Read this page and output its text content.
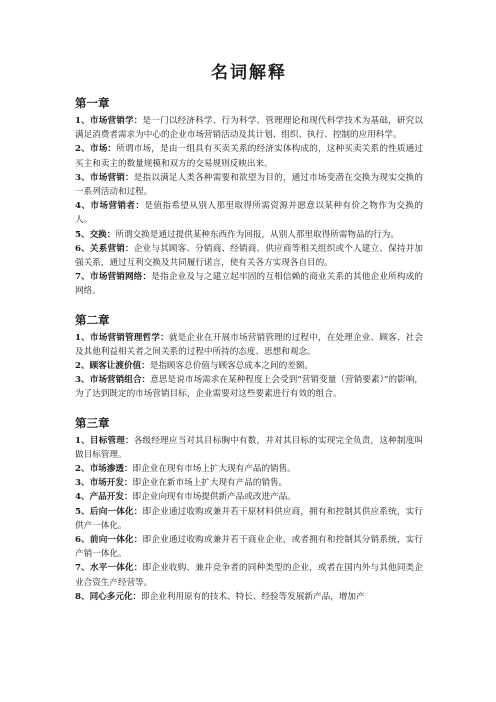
名词解释
第一章

1、市场营销学：是一门以经济科学、行为科学、管理理论和现代科学技术为基础，研究以满足消费者需求为中心的企业市场营销活动及其计划、组织、执行、控制的应用科学。

2、市场：所谓市场，是由一组具有买卖关系的经济实体构成的，这种买卖关系的性质通过买主和卖主的数量规模和双方的交易规则反映出来。

3、市场营销：是指以满足人类各种需要和欲望为目的，通过市场变潜在交换为现实交换的一系列活动和过程。

4、市场营销者：是值指希望从别人那里取得所需资源并愿意以某种有价之物作为交换的人。

5、交换：所谓交换是通过提供某种东西作为回报，从别人那里取得所需物品的行为。

6、关系营销：企业与其顾客、分销商、经销商、供应商等相关组织或个人建立、保持并加强关系，通过互利交换及共同履行诺言，使有关各方实现各自目的。

7、市场营销网络：是指企业及与之建立起牢固的互相信赖的商业关系的其他企业所构成的网络。

第二章

1、市场营销管理哲学：就是企业在开展市场营销管理的过程中，在处理企业、顾客、社会及其他利益相关者之间关系的过程中所持的态度、思想和观念。

2、顾客让渡价值：是指顾客总价值与顾客总成本之间的差额。

3、市场营销组合：意思是说市场需求在某种程度上会受到“营销变量（营销要素）”的影响，为了达到既定的市场营销目标，企业需要对这些要素进行有效的组合。

第三章

1、目标管理：各级经理应当对其目标胸中有数，并对其目标的实现完全负责，这种制度叫做目标管理。

2、市场渗透：即企业在现有市场上扩大现有产品的销售。

3、市场开发：即企业在新市场上扩大现有产品的销售。

4、产品开发：即企业向现有市场提供新产品或改进产品。

5、后向一体化：即企业通过收购或兼并若干原材料供应商，拥有和控制其供应系统，实行供产一体化。

6、前向一体化：即企业通过收购或兼并若干商业企业，或者拥有和控制其分销系统，实行产销一体化。

7、水平一体化：即企业收购、兼并竞争者的同种类型的企业，或者在国内外与其他同类企业合资生产经营等。

8、同心多元化：即企业利用原有的技术、特长、经验等发展新产品，增加产
